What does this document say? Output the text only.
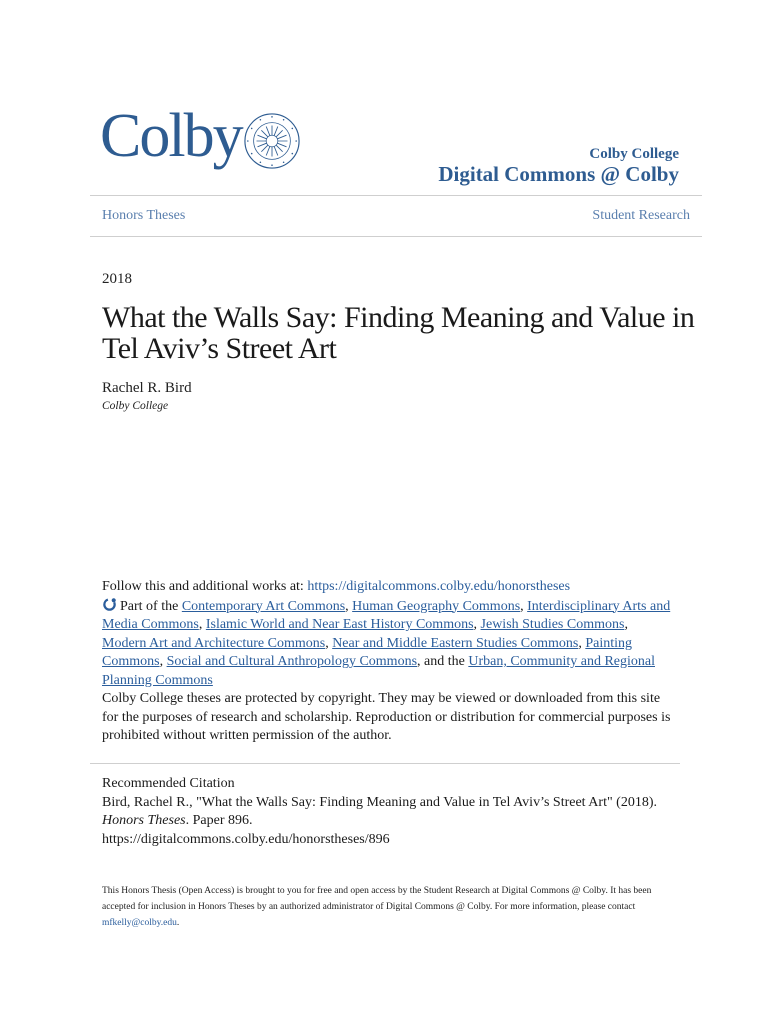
Colby	Colby College
Digital Commons @ Colby
Honors Theses	Student Research
2018
What the Walls Say: Finding Meaning and Value in Tel Aviv’s Street Art
Rachel R. Bird
Colby College

Follow this and additional works at: https://digitalcommons.colby.edu/honorstheses

Part of the Contemporary Art Commons, Human Geography Commons, Interdisciplinary Arts and Media Commons, Islamic World and Near East History Commons, Jewish Studies Commons, Modern Art and Architecture Commons, Near and Middle Eastern Studies Commons, Painting Commons, Social and Cultural Anthropology Commons, and the Urban, Community and Regional Planning Commons

Colby College theses are protected by copyright. They may be viewed or downloaded from this site for the purposes of research and scholarship. Reproduction or distribution for commercial purposes is prohibited without written permission of the author.

Recommended Citation

Bird, Rachel R., "What the Walls Say: Finding Meaning and Value in Tel Aviv’s Street Art" (2018).

Honors Theses. Paper 896.

https://digitalcommons.colby.edu/honorstheses/896

This Honors Thesis (Open Access) is brought to you for free and open access by the Student Research at Digital Commons @ Colby. It has been accepted for inclusion in Honors Theses by an authorized administrator of Digital Commons @ Colby. For more information, please contact mfkelly@colby.edu.
